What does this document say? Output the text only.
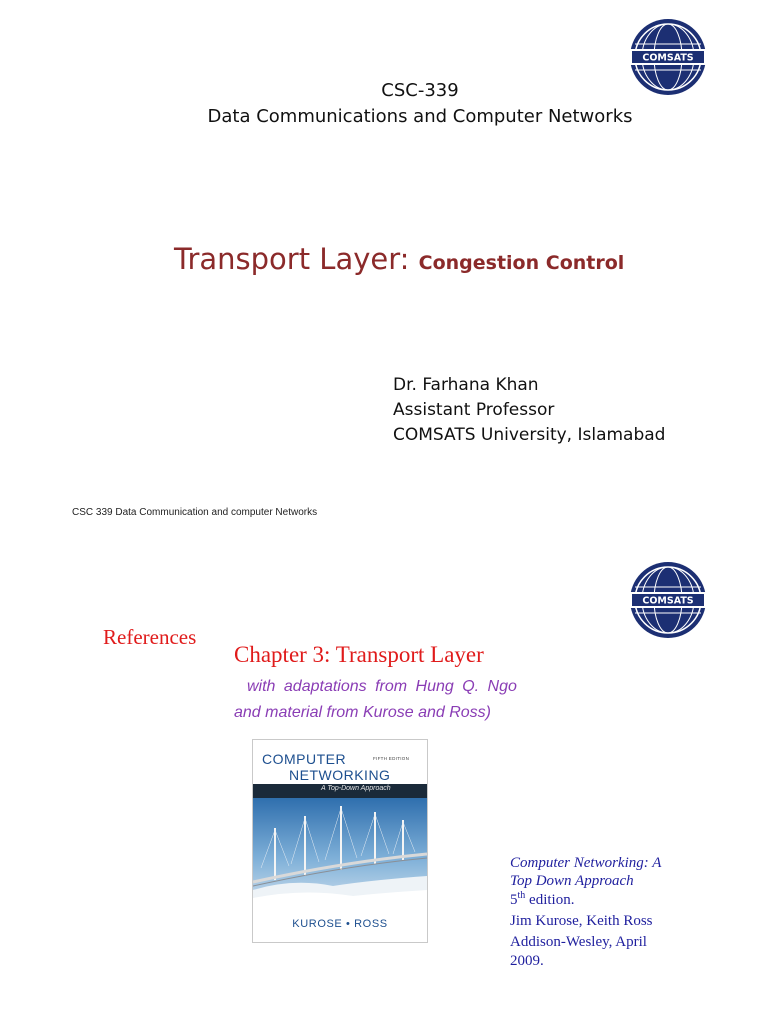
COMSATS
CSC-339
Data Communications and Computer Networks
Transport Layer: Congestion Control
Dr. Farhana Khan
Assistant Professor
COMSATS University, Islamabad
CSC 339 Data Communication and computer Networks
COMSATS
References
Chapter 3: Transport Layer
with adaptations from Hung Q. Ngo
and material from Kurose and Ross)
COMPUTER	FIFTH EDITION
NETWORKING
A Top-Down Approach
KUROSE • ROSS
Computer Networking: A
Top Down Approach
5th edition.
Jim Kurose, Keith Ross
Addison-Wesley, April
2009.
